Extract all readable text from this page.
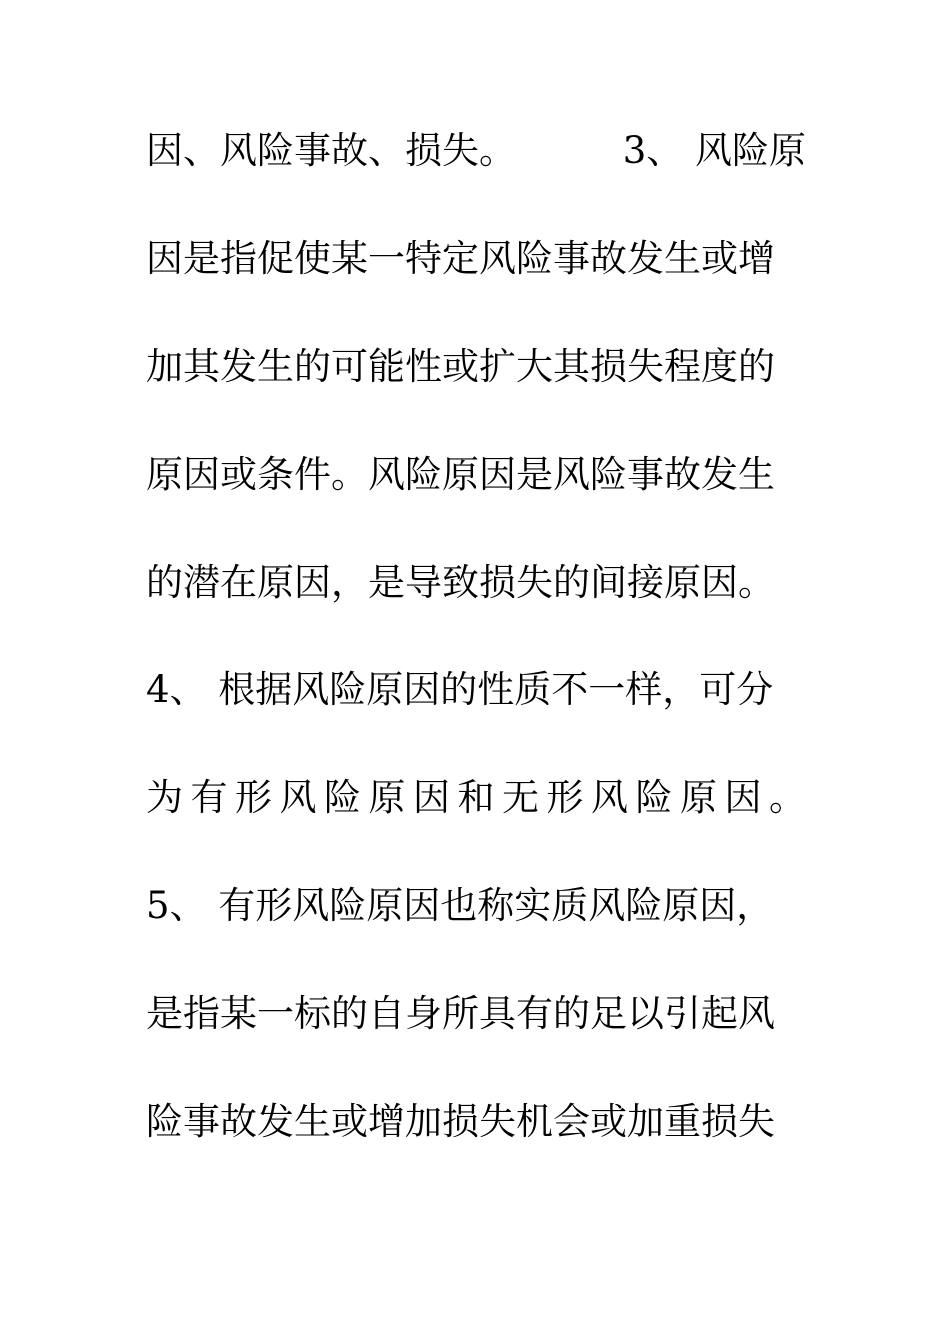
因、风险事故、损失。	3、 风险原
因是指促使某一特定风险事故发生或增
加其发生的可能性或扩大其损失程度的
原因或条件。风险原因是风险事故发生
的潜在原因，是导致损失的间接原因。
4、 根据风险原因的性质不一样，可分
为 有 形 风 险 原 因 和 无 形 风 险 原 因 。
5、 有形风险原因也称实质风险原因，
是指某一标的自身所具有的足以引起风
险事故发生或增加损失机会或加重损失
